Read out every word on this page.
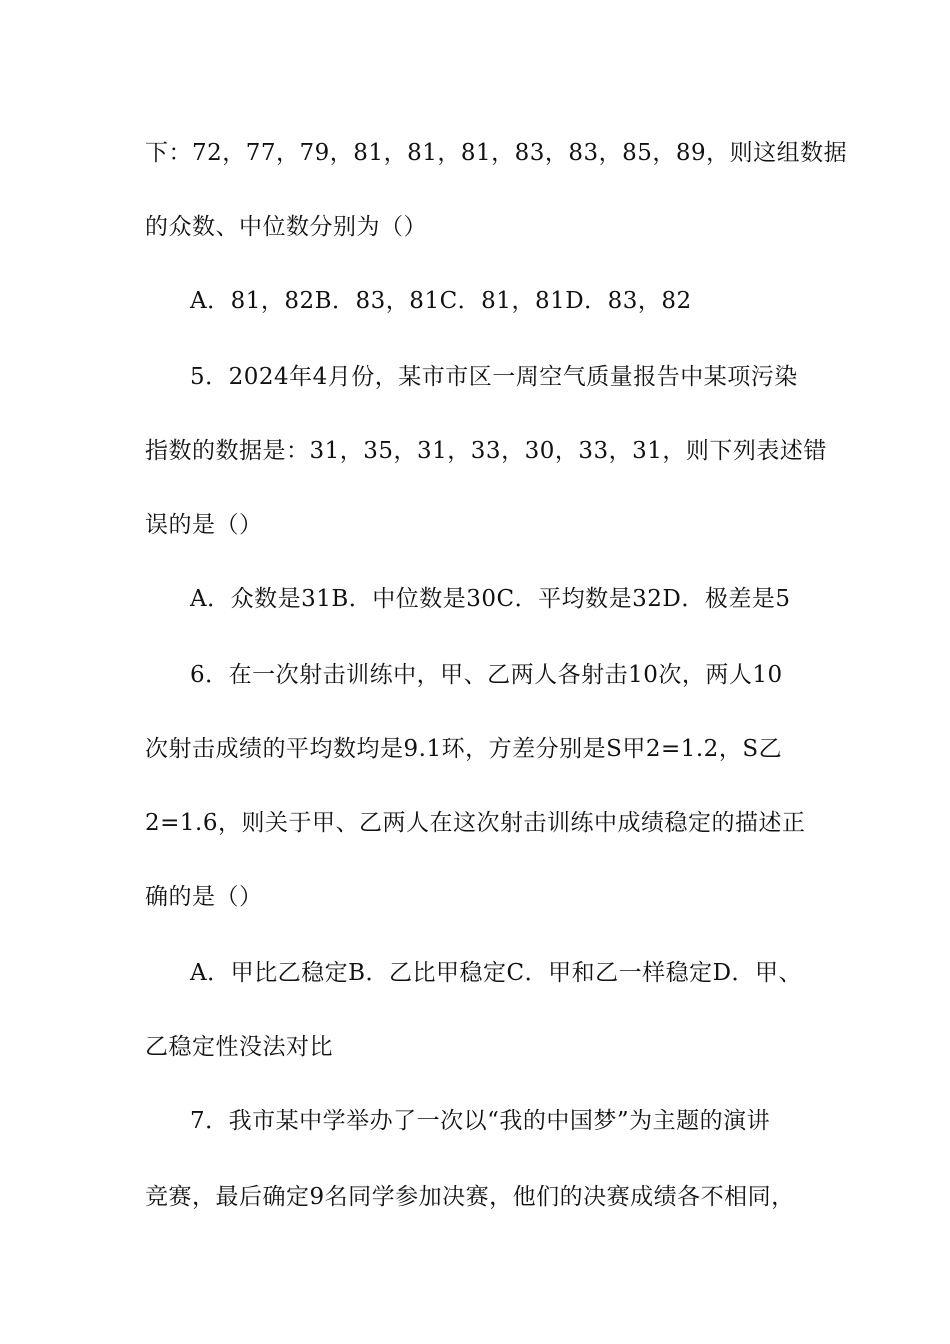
下：72，77，79，81，81，81，83，83，85，89，则这组数据
的众数、中位数分别为（）
A．81，82B．83，81C．81，81D．83，82
5．2024年4月份，某市市区一周空气质量报告中某项污染
指数的数据是：31，35，31，33，30，33，31，则下列表述错
误的是（）
A．众数是31B．中位数是30C．平均数是32D．极差是5
6．在一次射击训练中，甲、乙两人各射击10次，两人10
次射击成绩的平均数均是9.1环，方差分别是S甲2=1.2，S乙
2=1.6，则关于甲、乙两人在这次射击训练中成绩稳定的描述正
确的是（）
A．甲比乙稳定B．乙比甲稳定C．甲和乙一样稳定D．甲、
乙稳定性没法对比
7．我市某中学举办了一次以“我的中国梦”为主题的演讲
竞赛，最后确定9名同学参加决赛，他们的决赛成绩各不相同，
